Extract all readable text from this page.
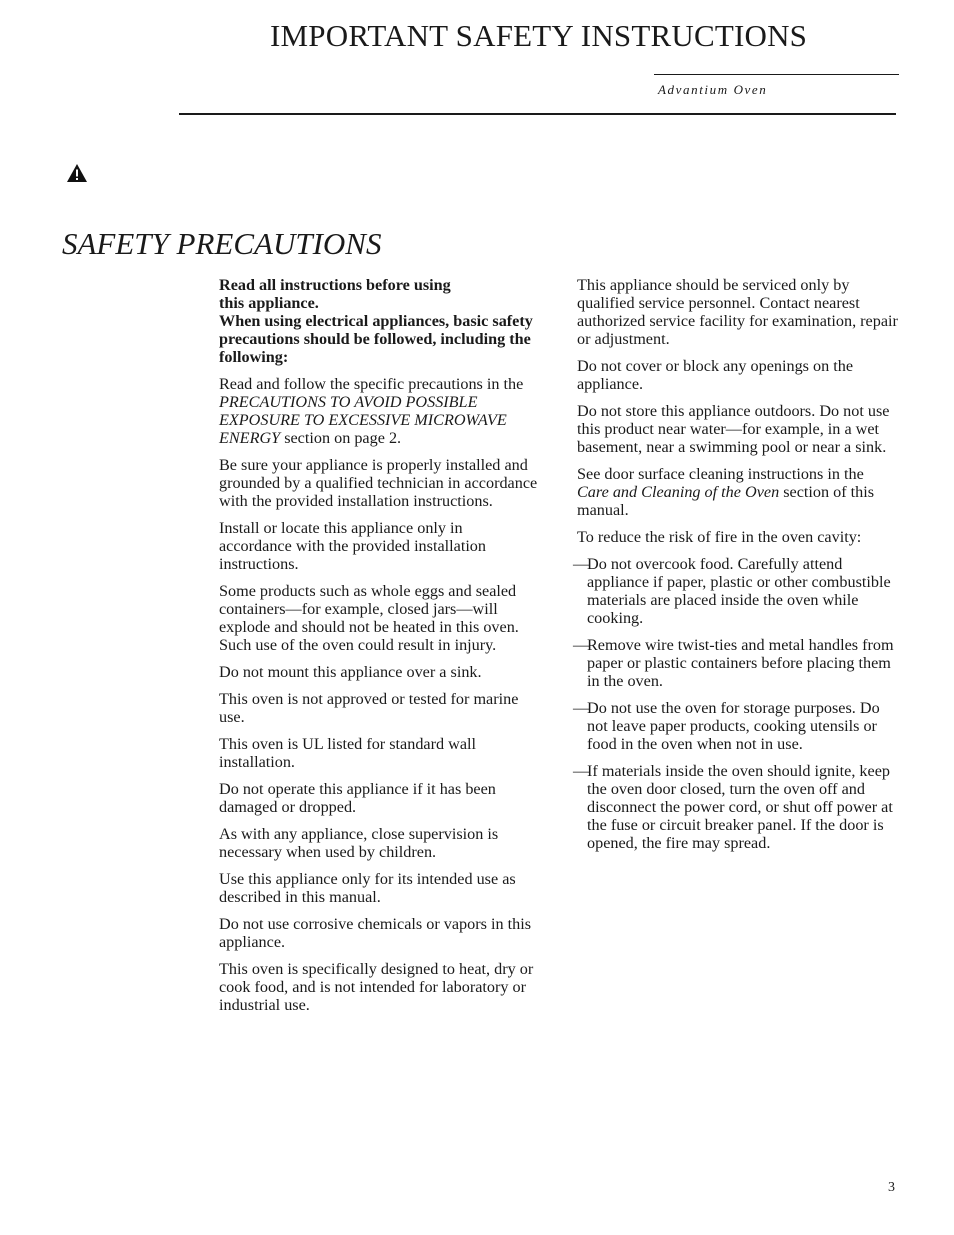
IMPORTANT SAFETY INSTRUCTIONS
Advantium Oven
SAFETY PRECAUTIONS

Read all instructions before using this appliance.

When using electrical appliances, basic safety precautions should be followed, including the following:

Read and follow the specific precautions in the PRECAUTIONS TO AVOID POSSIBLE EXPOSURE TO EXCESSIVE MICROWAVE ENERGY section on page 2.

Be sure your appliance is properly installed and grounded by a qualified technician in accordance with the provided installation instructions.

Install or locate this appliance only in accordance with the provided installation instructions.

Some products such as whole eggs and sealed containers—for example, closed jars—will explode and should not be heated in this oven. Such use of the oven could result in injury.

Do not mount this appliance over a sink.

This oven is not approved or tested for marine use.

This oven is UL listed for standard wall installation.

Do not operate this appliance if it has been damaged or dropped.

As with any appliance, close supervision is necessary when used by children.

Use this appliance only for its intended use as described in this manual.

Do not use corrosive chemicals or vapors in this appliance.

This oven is specifically designed to heat, dry or cook food, and is not intended for laboratory or industrial use.

This appliance should be serviced only by qualified service personnel. Contact nearest authorized service facility for examination, repair or adjustment.

Do not cover or block any openings on the appliance.

Do not store this appliance outdoors. Do not use this product near water—for example, in a wet basement, near a swimming pool or near a sink.

See door surface cleaning instructions in the Care and Cleaning of the Oven section of this manual.

To reduce the risk of fire in the oven cavity:

—
Do not overcook food. Carefully attend appliance if paper, plastic or other combustible materials are placed inside the oven while cooking.

—
Remove wire twist-ties and metal handles from paper or plastic containers before placing them in the oven.

—
Do not use the oven for storage purposes. Do not leave paper products, cooking utensils or food in the oven when not in use.

—
If materials inside the oven should ignite, keep the oven door closed, turn the oven off and disconnect the power cord, or shut off power at the fuse or circuit breaker panel. If the door is opened, the fire may spread.

3
